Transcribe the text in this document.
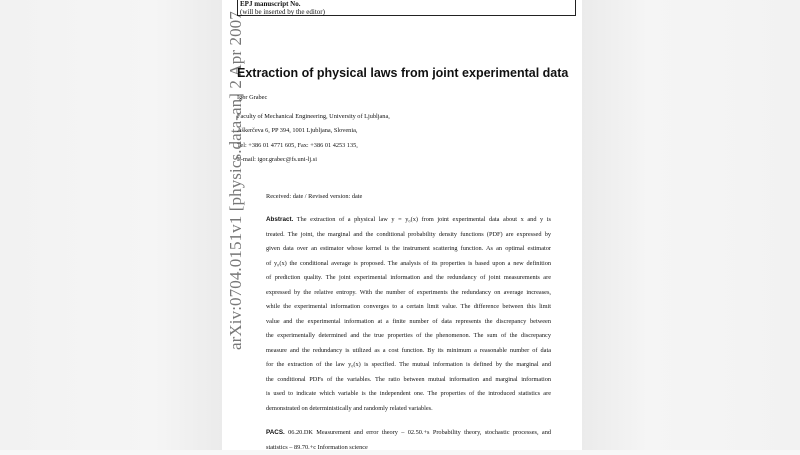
arXiv:0704.0151v1 [physics.data-an] 2 Apr 2007
EPJ manuscript No.
(will be inserted by the editor)
Extraction of physical laws from joint experimental data
Igor Grabec
Faculty of Mechanical Engineering, University of Ljubljana,
Aškerčeva 6, PP 394, 1001 Ljubljana, Slovenia,
Tel: +386 01 4771 605, Fax: +386 01 4253 135,
E-mail: igor.grabec@fs.uni-lj.si
Received: date / Revised version: date
Abstract. The extraction of a physical law y = y₀(x) from joint experimental data about x and y is
treated. The joint, the marginal and the conditional probability density functions (PDF) are expressed by
given data over an estimator whose kernel is the instrument scattering function. As an optimal estimator
of y₀(x) the conditional average is proposed. The analysis of its properties is based upon a new definition
of prediction quality. The joint experimental information and the redundancy of joint measurements are
expressed by the relative entropy. With the number of experiments the redundancy on average increases,
while the experimental information converges to a certain limit value. The difference between this limit
value and the experimental information at a finite number of data represents the discrepancy between
the experimentally determined and the true properties of the phenomenon. The sum of the discrepancy
measure and the redundancy is utilized as a cost function. By its minimum a reasonable number of data
for the extraction of the law y₀(x) is specified. The mutual information is defined by the marginal and
the conditional PDFs of the variables. The ratio between mutual information and marginal information
is used to indicate which variable is the independent one. The properties of the introduced statistics are
demonstrated on deterministically and randomly related variables.
PACS. 06.20.DK Measurement and error theory – 02.50.+s Probability theory, stochastic processes, and
statistics – 89.70.+c Information science
